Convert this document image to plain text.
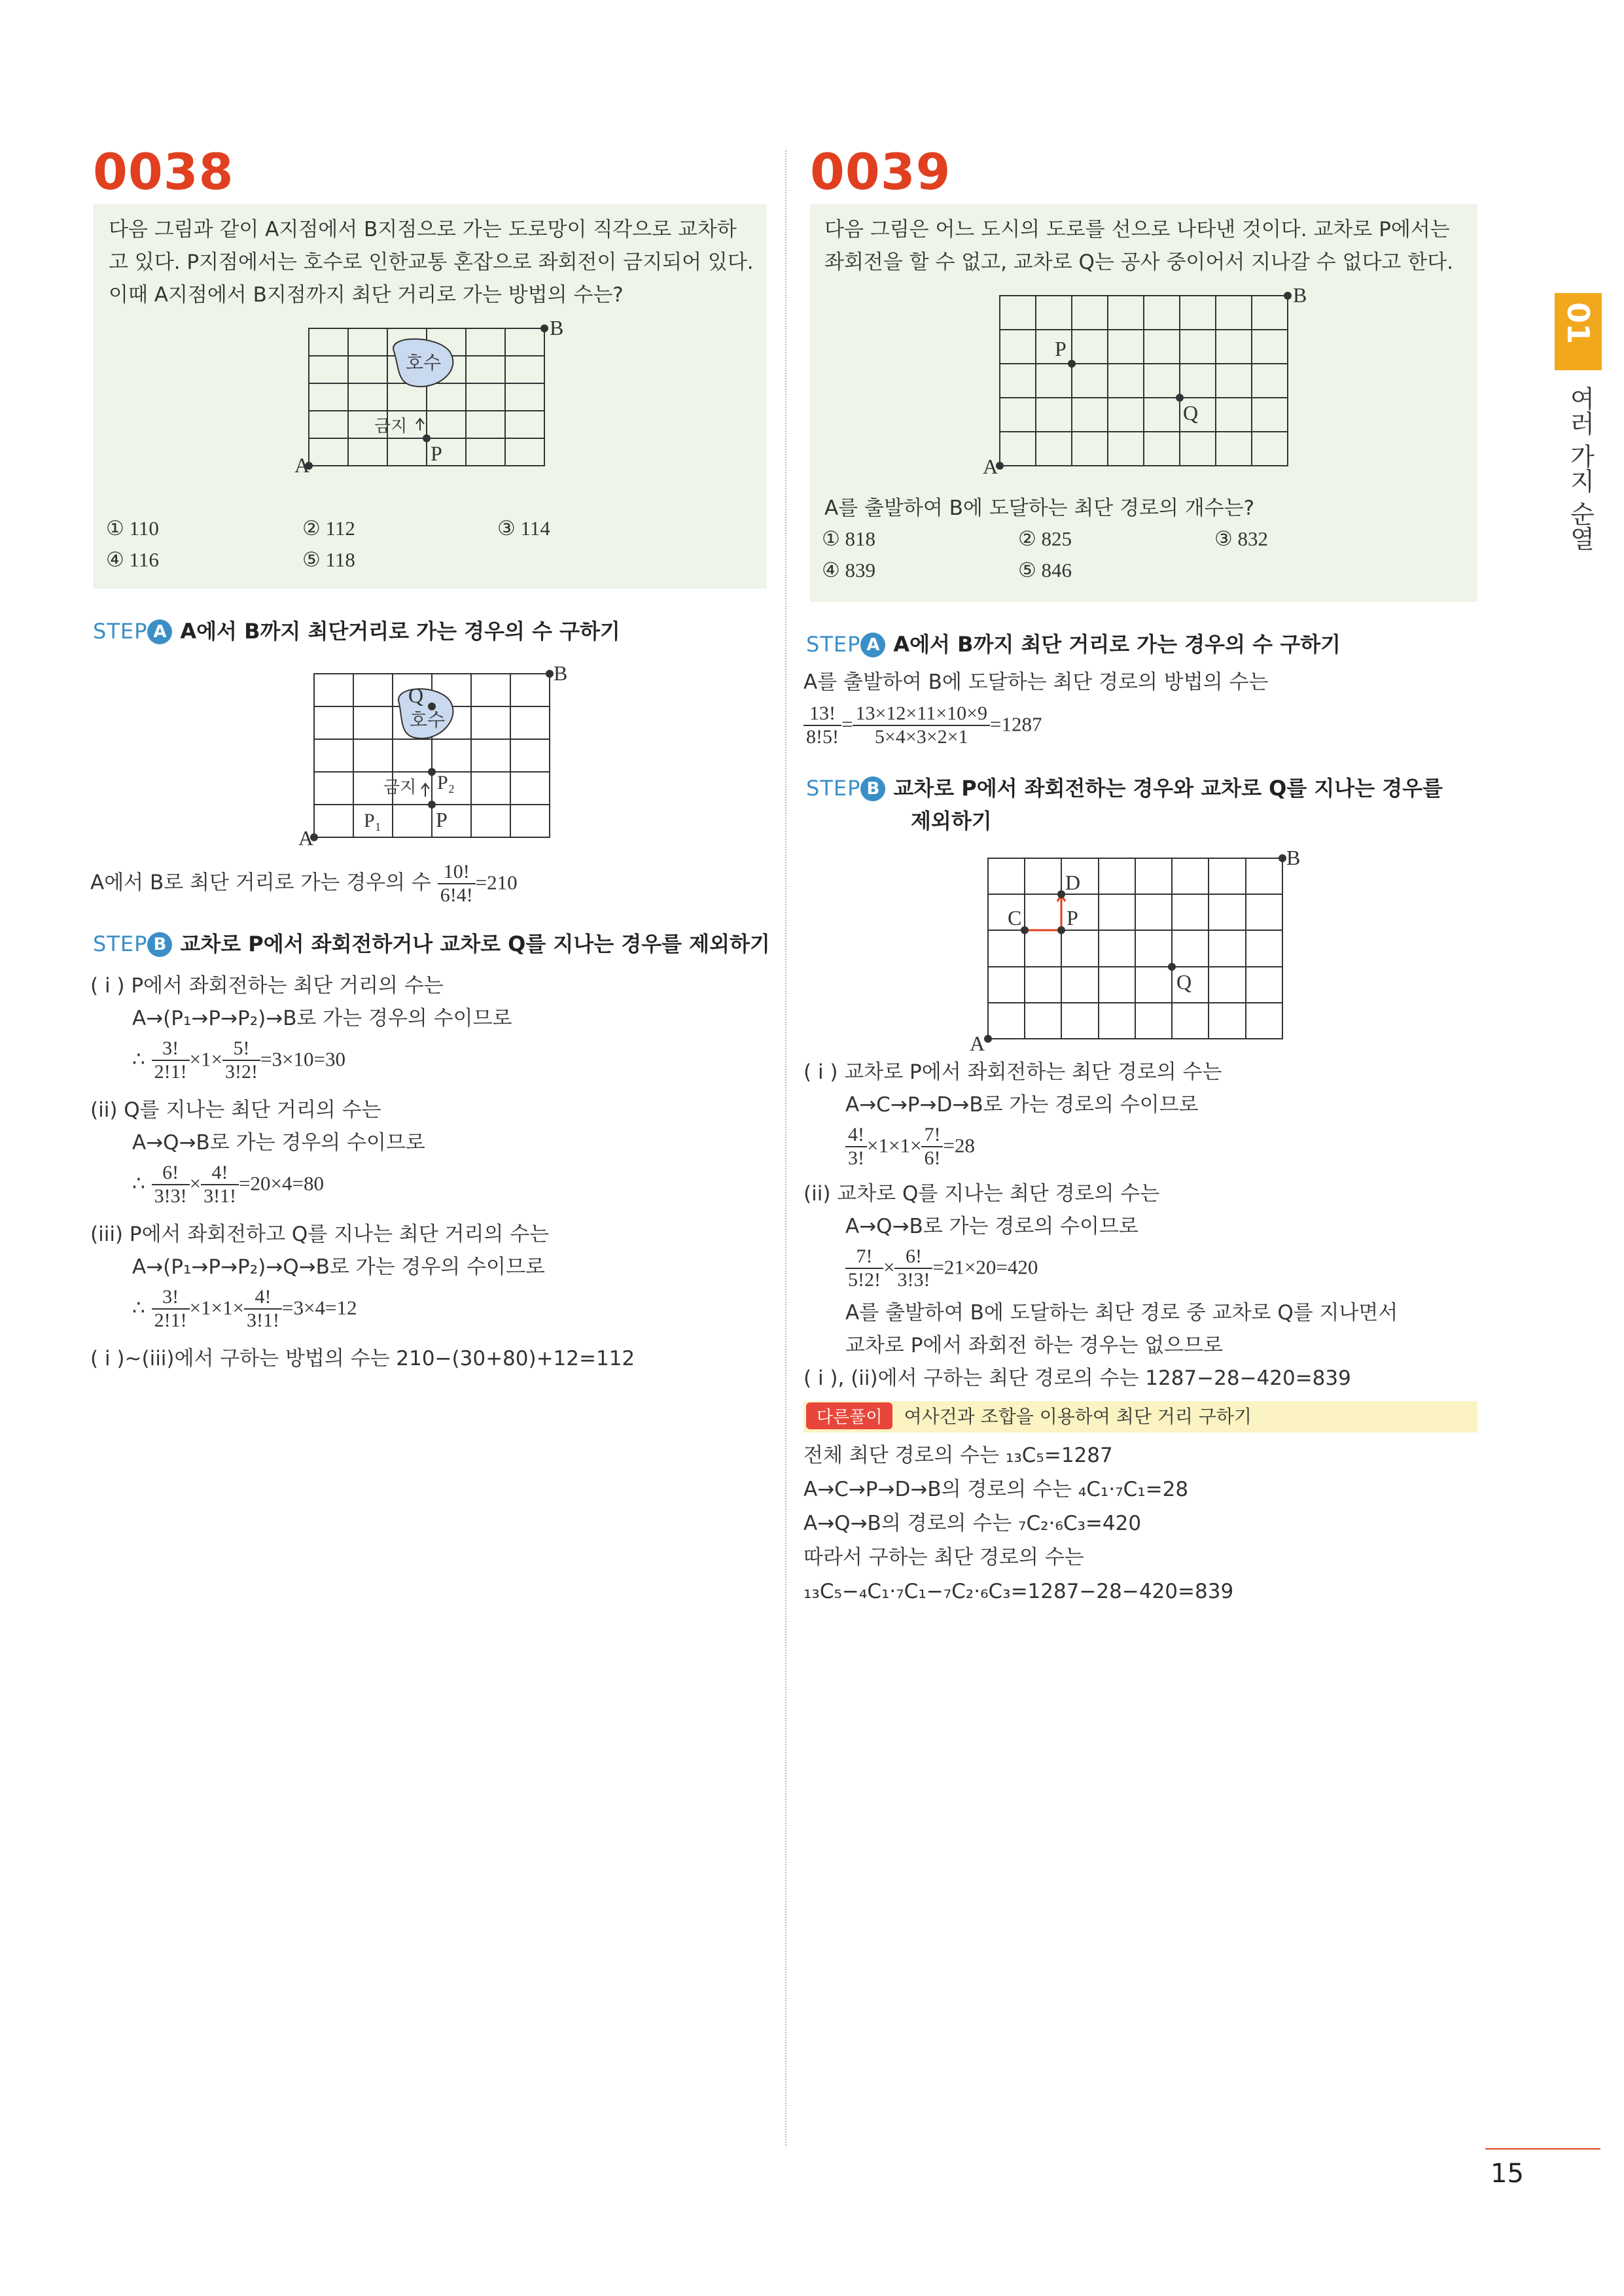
0038
다음 그림과 같이 A지점에서 B지점으로 가는 도로망이 직각으로 교차하
고 있다. P지점에서는 호수로 인한교통 혼잡으로 좌회전이 금지되어 있다.
이때 A지점에서 B지점까지 최단 거리로 가는 방법의 수는?
A
B
P
호수
금지
① 110	② 112	③ 114
④ 116	⑤ 118
STEP A A에서 B까지 최단거리로 가는 경우의 수 구하기
A
B
P
P₁
P₂
Q
호수
금지
A에서 B로 최단 거리로 가는 경우의 수 $\frac{10!}{6!4!} =210$
STEP B 교차로 P에서 좌회전하거나 교차로 Q를 지나는 경우를 제외하기
( i ) P에서 좌회전하는 최단 거리의 수는
A→(P₁→P→P₂)→B로 가는 경우의 수이므로
∴ $\frac{3!}{2!1!} \times 1\times \frac{5!}{3!2!} =3\times 10=30$
(ii) Q를 지나는 최단 거리의 수는
A→Q→B로 가는 경우의 수이므로
∴ $\frac{6!}{3!3!} \times \frac{4!}{3!1!} =20\times 4=80$
(iii) P에서 좌회전하고 Q를 지나는 최단 거리의 수는
A→(P₁→P→P₂)→Q→B로 가는 경우의 수이므로
∴ $\frac{3!}{2!1!} \times 1\times 1\times \frac{4!}{3!1!} =3\times 4=12$
( i )~(iii)에서 구하는 방법의 수는 210−(30+80)+12=112
0039
다음 그림은 어느 도시의 도로를 선으로 나타낸 것이다. 교차로 P에서는
좌회전을 할 수 없고, 교차로 Q는 공사 중이어서 지나갈 수 없다고 한다.
A
B
P
Q
A를 출발하여 B에 도달하는 최단 경로의 개수는?
① 818	② 825	③ 832
④ 839	⑤ 846
STEP A A에서 B까지 최단 거리로 가는 경우의 수 구하기
A를 출발하여 B에 도달하는 최단 경로의 방법의 수는
$\frac{13!}{8!5!} = \frac{13\times 12\times 11\times 10\times 9}{5\times 4\times 3\times 2\times 1} =1287$
STEP B 교차로 P에서 좌회전하는 경우와 교차로 Q를 지나는 경우를
제외하기
A
B
C
D
P
Q
( i ) 교차로 P에서 좌회전하는 최단 경로의 수는
A→C→P→D→B로 가는 경로의 수이므로
$\frac{4!}{3!} \times 1\times 1\times \frac{7!}{6!} =28$
(ii) 교차로 Q를 지나는 최단 경로의 수는
A→Q→B로 가는 경로의 수이므로
$\frac{7!}{5!2!} \times \frac{6!}{3!3!} =21\times 20=420$
A를 출발하여 B에 도달하는 최단 경로 중 교차로 Q를 지나면서
교차로 P에서 좌회전 하는 경우는 없으므로
( i ), (ii)에서 구하는 최단 경로의 수는 1287−28−420=839
다른풀이 여사건과 조합을 이용하여 최단 거리 구하기
전체 최단 경로의 수는 ₁₃C₅=1287
A→C→P→D→B의 경로의 수는 ₄C₁·₇C₁=28
A→Q→B의 경로의 수는 ₇C₂·₆C₃=420
따라서 구하는 최단 경로의 수는
₁₃C₅−₄C₁·₇C₁−₇C₂·₆C₃=1287−28−420=839
01
여러 가지 순열
15
